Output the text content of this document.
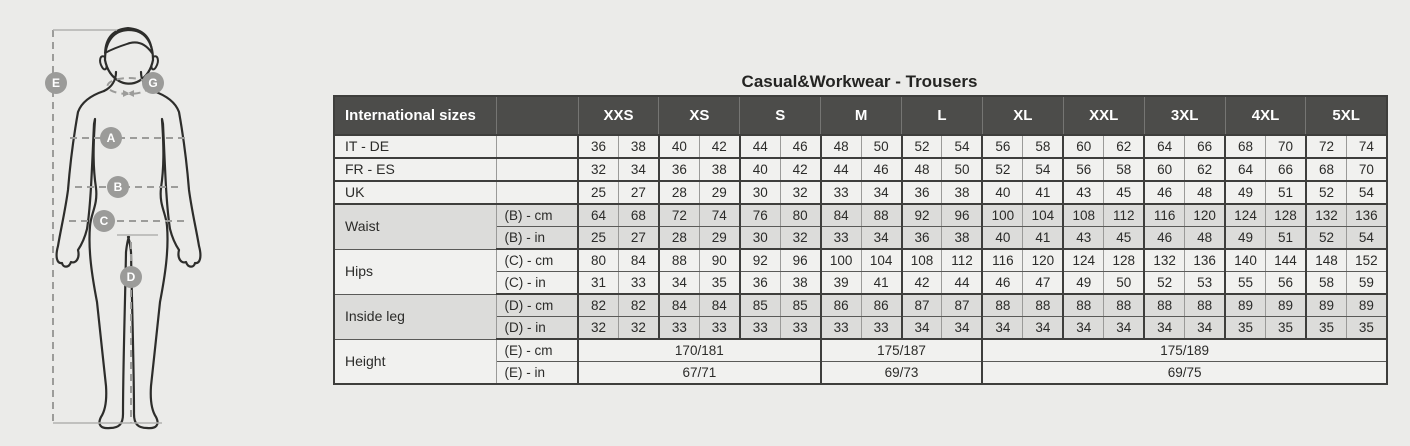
A
B
C
D
E	G	Casual&Workwear - Trousers
International sizes		XXS		XS		S		M		L		XL		XXL		3XL		4XL		5XL	
IT - DE		36	38	40	42	44	46	48	50	52	54	56	58	60	62	64	66	68	70	72	74
FR - ES		32	34	36	38	40	42	44	46	48	50	52	54	56	58	60	62	64	66	68	70
UK		25	27	28	29	30	32	33	34	36	38	40	41	43	45	46	48	49	51	52	54
Waist	(B) - cm	64	68	72	74	76	80	84	88	92	96	100	104	108	112	116	120	124	128	132	136
	(B) - in	25	27	28	29	30	32	33	34	36	38	40	41	43	45	46	48	49	51	52	54
Hips	(C) - cm	80	84	88	90	92	96	100	104	108	112	116	120	124	128	132	136	140	144	148	152
	(C) - in	31	33	34	35	36	38	39	41	42	44	46	47	49	50	52	53	55	56	58	59
Inside leg	(D) - cm	82	82	84	84	85	85	86	86	87	87	88	88	88	88	88	88	89	89	89	89
	(D) - in	32	32	33	33	33	33	33	33	34	34	34	34	34	34	34	34	35	35	35	35
Height	(E) - cm	170/181						175/187				175/189									
	(E) - in	67/71						69/73				69/75									
